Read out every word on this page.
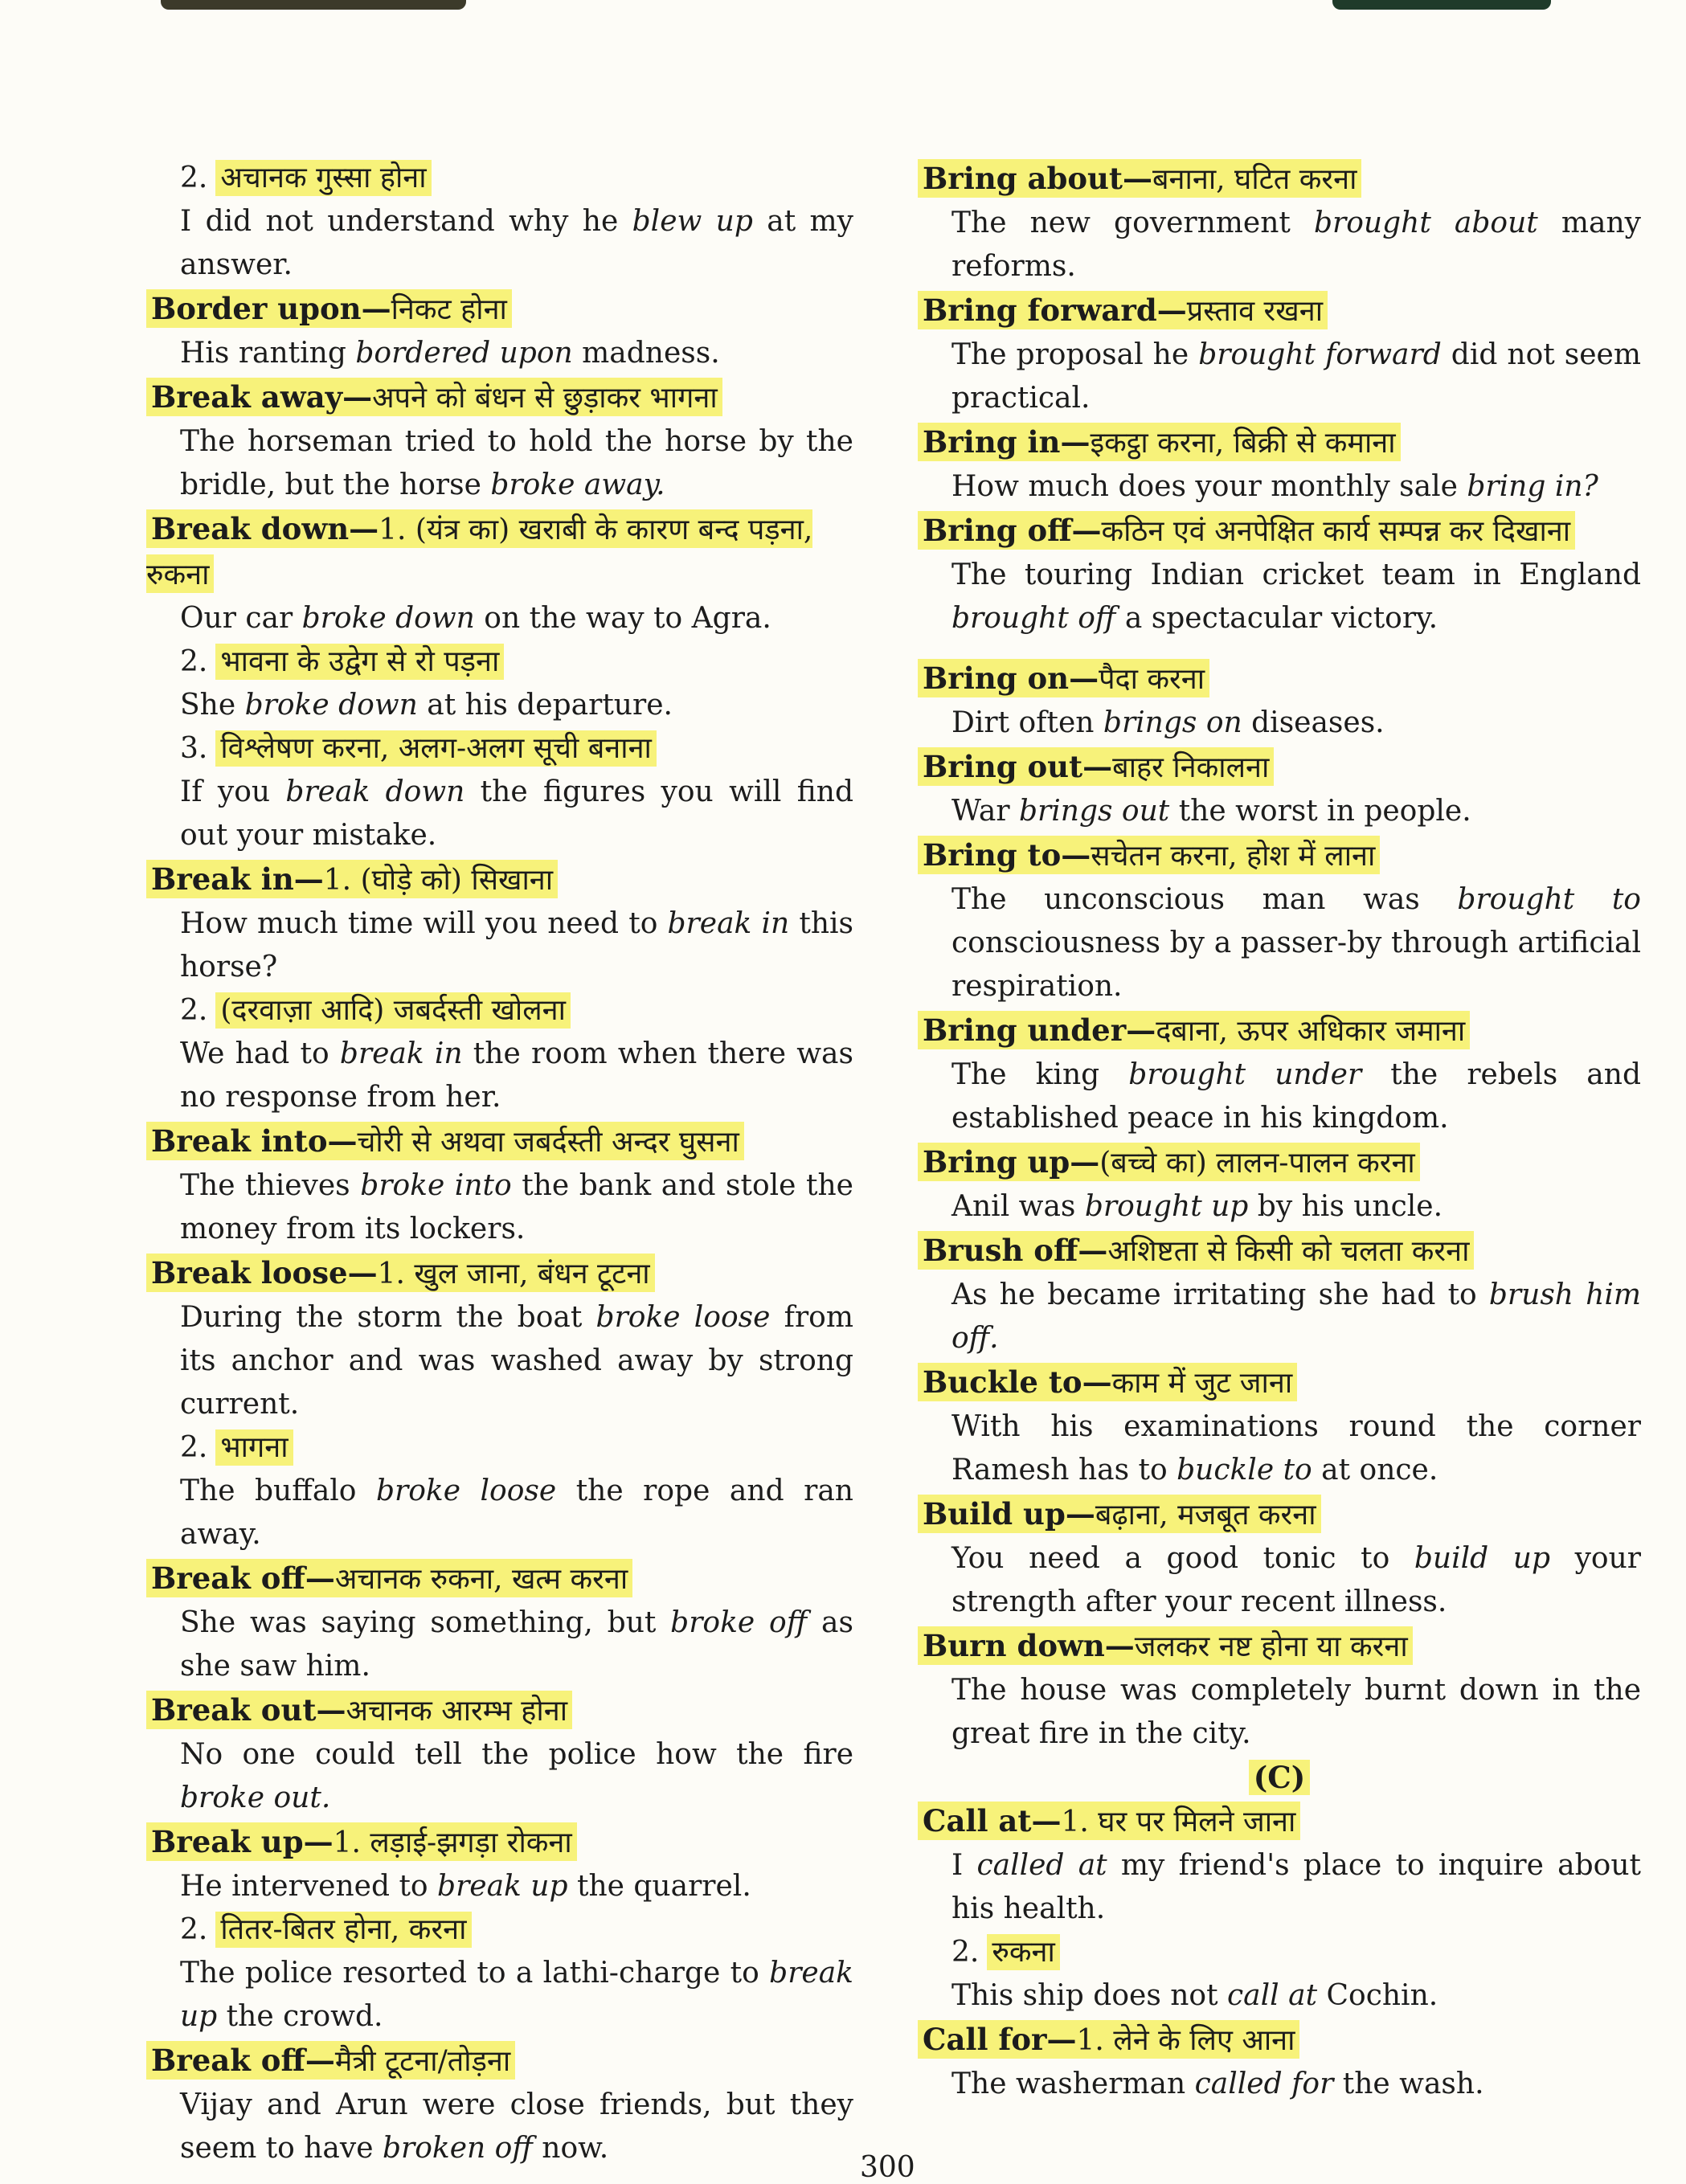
2. अचानक गुस्सा होना
I did not understand why he blew up at my answer.
Border upon—निकट होना
His ranting bordered upon madness.
Break away—अपने को बंधन से छुड़ाकर भागना
The horseman tried to hold the horse by the bridle, but the horse broke away.
Break down—1. (यंत्र का) खराबी के कारण बन्द पड़ना, रुकना
Our car broke down on the way to Agra.
2. भावना के उद्वेग से रो पड़ना
She broke down at his departure.
3. विश्लेषण करना, अलग-अलग सूची बनाना
If you break down the figures you will find out your mistake.
Break in—1. (घोड़े को) सिखाना
How much time will you need to break in this horse?
2. (दरवाज़ा आदि) जबर्दस्ती खोलना
We had to break in the room when there was no response from her.
Break into—चोरी से अथवा जबर्दस्ती अन्दर घुसना
The thieves broke into the bank and stole the money from its lockers.
Break loose—1. खुल जाना, बंधन टूटना
During the storm the boat broke loose from its anchor and was washed away by strong current.
2. भागना
The buffalo broke loose the rope and ran away.
Break off—अचानक रुकना, खत्म करना
She was saying something, but broke off as she saw him.
Break out—अचानक आरम्भ होना
No one could tell the police how the fire broke out.
Break up—1. लड़ाई-झगड़ा रोकना
He intervened to break up the quarrel.
2. तितर-बितर होना, करना
The police resorted to a lathi-charge to break up the crowd.
Break off—मैत्री टूटना/तोड़ना
Vijay and Arun were close friends, but they seem to have broken off now.
Bring about—बनाना, घटित करना
The new government brought about many reforms.
Bring forward—प्रस्ताव रखना
The proposal he brought forward did not seem practical.
Bring in—इकट्ठा करना, बिक्री से कमाना
How much does your monthly sale bring in?
Bring off—कठिन एवं अनपेक्षित कार्य सम्पन्न कर दिखाना
The touring Indian cricket team in England brought off a spectacular victory.
Bring on—पैदा करना
Dirt often brings on diseases.
Bring out—बाहर निकालना
War brings out the worst in people.
Bring to—सचेतन करना, होश में लाना
The unconscious man was brought to consciousness by a passer-by through artificial respiration.
Bring under—दबाना, ऊपर अधिकार जमाना
The king brought under the rebels and established peace in his kingdom.
Bring up—(बच्चे का) लालन-पालन करना
Anil was brought up by his uncle.
Brush off—अशिष्टता से किसी को चलता करना
As he became irritating she had to brush him off.
Buckle to—काम में जुट जाना
With his examinations round the corner Ramesh has to buckle to at once.
Build up—बढ़ाना, मजबूत करना
You need a good tonic to build up your strength after your recent illness.
Burn down—जलकर नष्ट होना या करना
The house was completely burnt down in the great fire in the city.
(C)
Call at—1. घर पर मिलने जाना
I called at my friend's place to inquire about his health.
2. रुकना
This ship does not call at Cochin.
Call for—1. लेने के लिए आना
The washerman called for the wash.
300
